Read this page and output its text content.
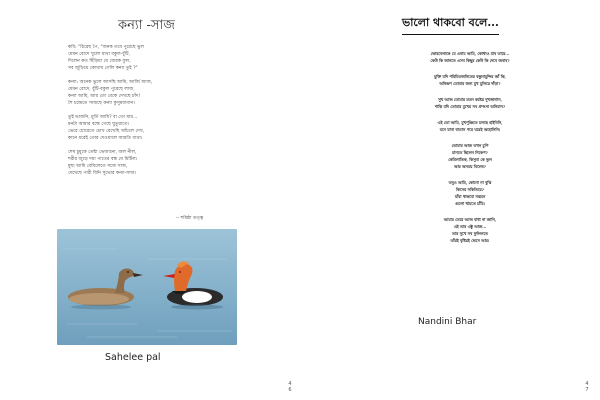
কন্যা -সাজ
কবি: "চিরেছ পৈ, "জনক তবে পুরেছে ভুল
যেমন রোদে খুলো মাথা বকুল-বুঁটি,
দিলেন কত ছিঁড়িয়া যে বোরক ফুল,
সব জুড়িয়ে কোথায় গেলি কন্যা তুই ?"
কন্যা: অনেক ভুলে আসছি আমি, আর্জি আজ,
যেমন রোদে, বুঁটি-বকুল পুরেছে লাজ,
কন্যা আমি, আর তো বেকে দেখছে চাঁদ!
শৈ চন্দ্রেতে সাজছে কন্যা কুসুমবাগান।
তুই ভাজনি, মুর্তি আমি? বা তো মার...
মনটা আমার বন্ধে গেছে যুতুরাতে।
ভেরে চোরেতে চোখ রেখেছি আঁচলে দেখ,
কানে ধরেই তোর দেওয়ালে আরতি ব্যথা।
শেষ চুমুকে তেষ্টা ভেজানো, জল নীল,
শরীর জুড়ে দয়া পাতের বন্ধ যে মিটিল।
মুছ্য আমি বেমিলেতে সজে সাজ,
দেখেছে পারী বিনি সুভোর কন্যা-সাজ।
-- শমিষ্ঠা তত্ত্ব
Sahelee pal
4
6
ভালো থাকবো বলে...
ভোরবেলাকে যে এনাম আমি, কোথাও যাব তারে...
কেউ কি জানতে এসব কিছুর কেউ কি দেবে জবাব?
মুক্তি যদি পরিচিতজনিতের বন্ধুনামুন্দির জাঁ কি,
অনিন্দ্রণ তোমার জন্য মুখ মুলিয়ে দাঁড়া?
সুখ আজ তোমার মতন কষ্টেয় দুখজাগান,
শান্তি যদি তোমার মুখের সব প্রশংসা অনিমান?
এই তো আমি, মুখপুঞ্জিতে চলছে হাইবিনি,
মনে যানা বাতাস পরে ঘরেই অহোনিনি।
তোমার আজ তখন চুপি
মানতে ছিলেন নিকেপ?
কেমিলাতিক, কিসুবা কে ভুল
আর অসময় বিলেষ?
তবুও আমি, কোনো না বুঝি
কিসের সকিতিরে?
যাঁরা থাকবো সন্ত্রমন
গুলো থামতে চাঁচি।
আমার তেরে আজ বাধা না জানি,
এই তার এক্টু আজ...
তার সুখে সব ফুলিলতে
তাঁরই বৃষ্টিরই ভেসে আর!
Nandini Bhar
4
7
